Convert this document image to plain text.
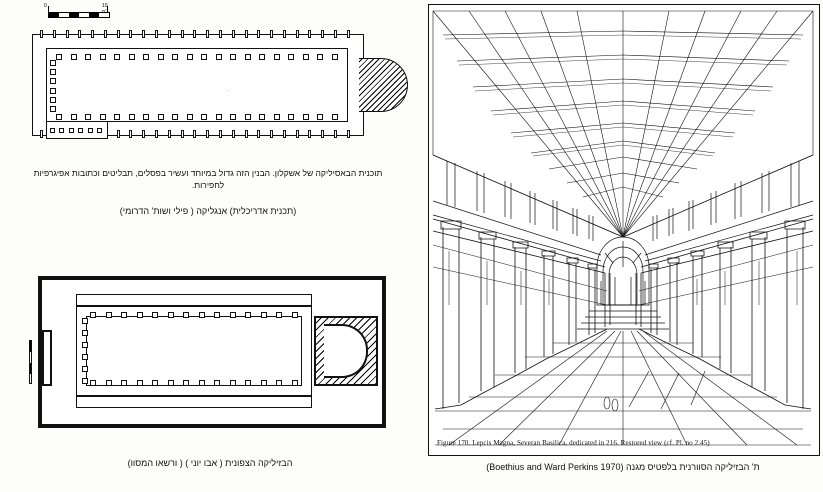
0	10 מ'
·
תוכנית הבאסיליקה של אשקלון. הבנין הזה גדול במיוחד ועשיר בפסלים, תבליטים וכתובות אפיגרפיות לחפירות.
(תכנית אדריכלית) אנגליקה ( פילי ושות' הדרומי)
הבזיליקה הצפונית ( אבו יוני ) ( ורשאו המסוו)
Figure 170. Lepcis Magna, Severan Basilica, dedicated in 216. Restored view (cf. Pl. no 2.45)
ת' הבזיליקה הסוורנית בלפטיס מגנה (Boethius and Ward Perkins 1970)
